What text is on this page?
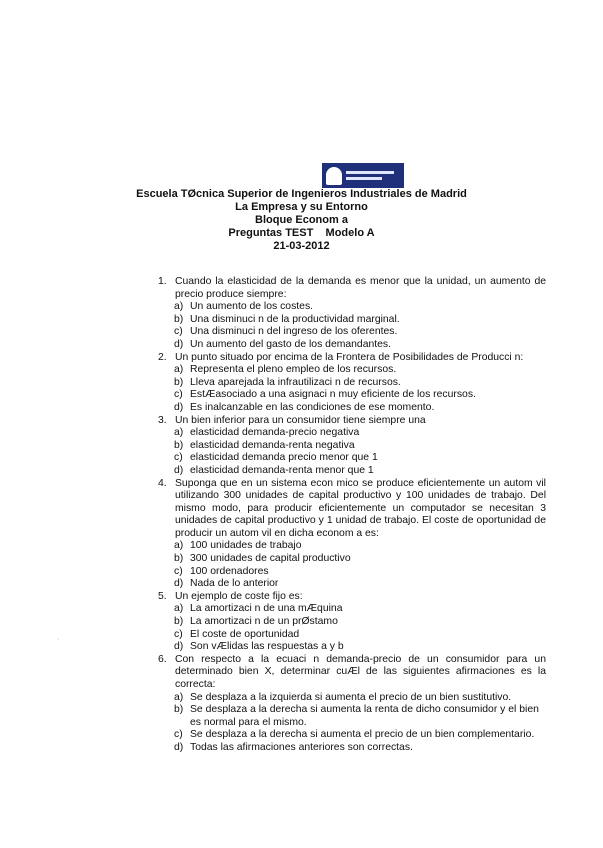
Escuela TØcnica Superior de Ingenieros Industriales de Madrid
La Empresa y su Entorno
Bloque Econom a
Preguntas TEST    Modelo A
21-03-2012
1. Cuando la elasticidad de la demanda es menor que la unidad, un aumento de precio produce siempre:
a) Un aumento de los costes.
b) Una disminuci n de la productividad marginal.
c) Una disminuci n del ingreso de los oferentes.
d) Un aumento del gasto de los demandantes.
2. Un punto situado por encima de la Frontera de Posibilidades de Producci n:
a) Representa el pleno empleo de los recursos.
b) Lleva aparejada la infrautilizaci n de recursos.
c) EstÆasociado a una asignaci n muy eficiente de los recursos.
d) Es inalcanzable en las condiciones de ese momento.
3. Un bien inferior para un consumidor tiene siempre una
a) elasticidad demanda-precio negativa
b) elasticidad demanda-renta negativa
c) elasticidad demanda precio menor que 1
d) elasticidad demanda-renta menor que 1
4. Suponga que en un sistema econ mico se produce eficientemente un autom vil utilizando 300 unidades de capital productivo y 100 unidades de trabajo. Del mismo modo, para producir eficientemente un computador se necesitan 3 unidades de capital productivo y 1 unidad de trabajo. El coste de oportunidad de producir un autom vil en dicha econom a es:
a) 100 unidades de trabajo
b) 300 unidades de capital productivo
c) 100 ordenadores
d) Nada de lo anterior
5. Un ejemplo de coste fijo es:
a) La amortizaci n de una mÆquina
b) La amortizaci n de un prØstamo
c) El coste de oportunidad
d) Son vÆlidas las respuestas a y b
6. Con respecto a la ecuaci n demanda-precio de un consumidor para un determinado bien X, determinar cuÆl de las siguientes afirmaciones es la correcta:
a) Se desplaza a la izquierda si aumenta el precio de un bien sustitutivo.
b) Se desplaza a la derecha si aumenta la renta de dicho consumidor y el bien es normal para el mismo.
c) Se desplaza a la derecha si aumenta el precio de un bien complementario.
d) Todas las afirmaciones anteriores son correctas.
·
